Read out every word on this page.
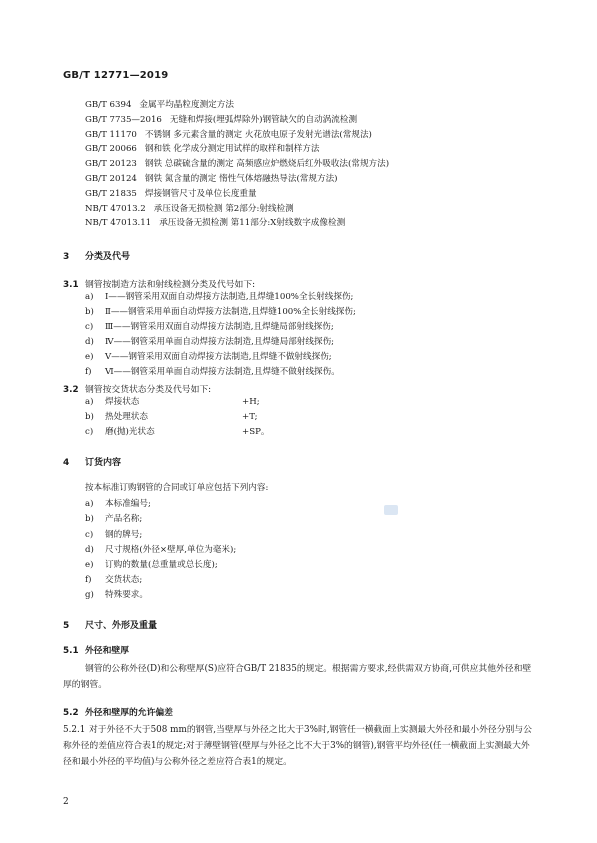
GB/T 12771—2019
GB/T 6394 金属平均晶粒度测定方法
GB/T 7735—2016 无缝和焊接(埋弧焊除外)钢管缺欠的自动涡流检测
GB/T 11170 不锈钢 多元素含量的测定 火花放电原子发射光谱法(常规法)
GB/T 20066 钢和铁 化学成分测定用试样的取样和制样方法
GB/T 20123 钢铁 总碳硫含量的测定 高频感应炉燃烧后红外吸收法(常规方法)
GB/T 20124 钢铁 氮含量的测定 惰性气体熔融热导法(常规方法)
GB/T 21835 焊接钢管尺寸及单位长度重量
NB/T 47013.2 承压设备无损检测 第2部分:射线检测
NB/T 47013.11 承压设备无损检测 第11部分:X射线数字成像检测
3 分类及代号
3.1 钢管按制造方法和射线检测分类及代号如下:
a) Ⅰ——钢管采用双面自动焊接方法制造,且焊缝100%全长射线探伤;
b) Ⅱ——钢管采用单面自动焊接方法制造,且焊缝100%全长射线探伤;
c) Ⅲ——钢管采用双面自动焊接方法制造,且焊缝局部射线探伤;
d) Ⅳ——钢管采用单面自动焊接方法制造,且焊缝局部射线探伤;
e) Ⅴ——钢管采用双面自动焊接方法制造,且焊缝不做射线探伤;
f) Ⅵ——钢管采用单面自动焊接方法制造,且焊缝不做射线探伤。
3.2 钢管按交货状态分类及代号如下:
a) 焊接状态	+H;
b) 热处理状态	+T;
c) 磨(抛)光状态	+SP。
4 订货内容
按本标准订购钢管的合同或订单应包括下列内容:
a) 本标准编号;
b) 产品名称;
c) 钢的牌号;
d) 尺寸规格(外径×壁厚,单位为毫米);
e) 订购的数量(总重量或总长度);
f) 交货状态;
g) 特殊要求。
5 尺寸、外形及重量
5.1 外径和壁厚
钢管的公称外径(D)和公称壁厚(S)应符合GB/T 21835的规定。根据需方要求,经供需双方协商,可供应其他外径和壁厚的钢管。
5.2 外径和壁厚的允许偏差
5.2.1 对于外径不大于508 mm的钢管,当壁厚与外径之比大于3%时,钢管任一横截面上实测最大外径和最小外径分别与公称外径的差值应符合表1的规定;对于薄壁钢管(壁厚与外径之比不大于3%的钢管),钢管平均外径(任一横截面上实测最大外径和最小外径的平均值)与公称外径之差应符合表1的规定。
2
